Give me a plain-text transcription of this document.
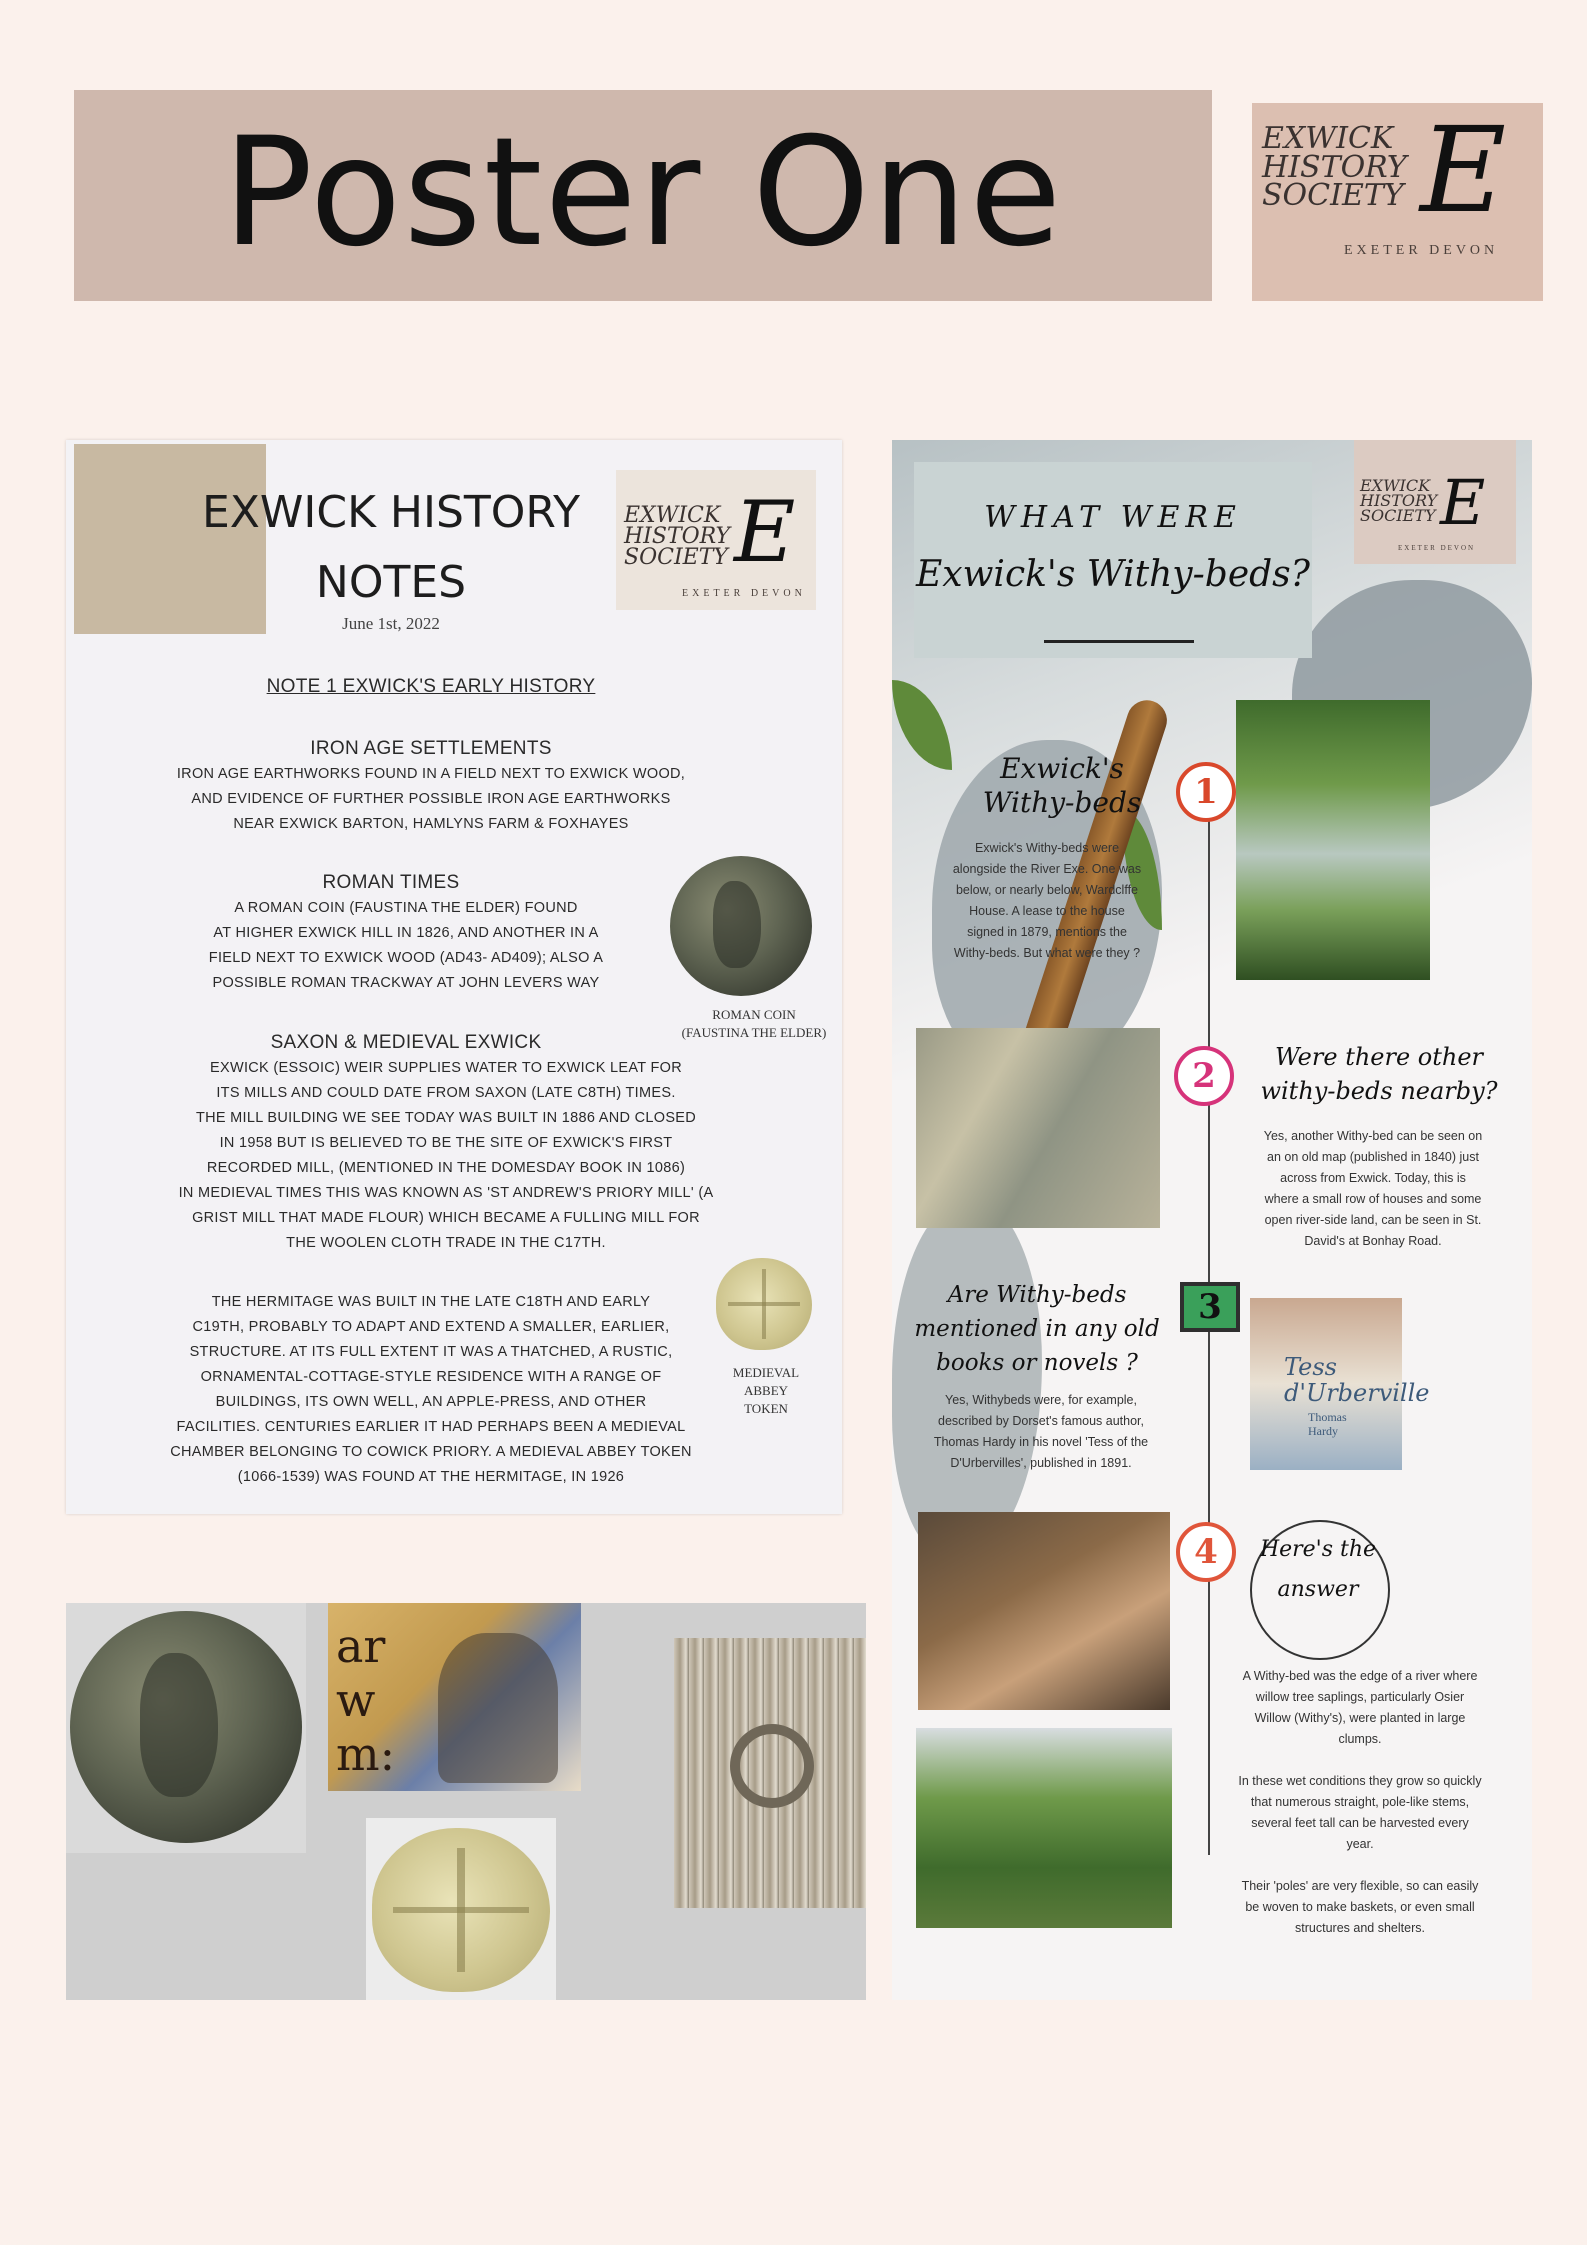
Poster One	EXWICK
HISTORY
SOCIETY E
EXETER DEVON
EXWICK HISTORY
NOTES
June 1st, 2022
EXWICK
HISTORY
SOCIETY E
EXETER DEVON
NOTE 1 EXWICK'S EARLY HISTORY
IRON AGE SETTLEMENTS
IRON AGE EARTHWORKS FOUND IN A FIELD NEXT TO EXWICK WOOD,
AND EVIDENCE OF FURTHER POSSIBLE IRON AGE EARTHWORKS
NEAR EXWICK BARTON, HAMLYNS FARM & FOXHAYES
ROMAN TIMES
A ROMAN COIN (FAUSTINA THE ELDER) FOUND
AT HIGHER EXWICK HILL IN 1826, AND ANOTHER IN A
FIELD NEXT TO EXWICK WOOD (AD43- AD409); ALSO A
POSSIBLE ROMAN TRACKWAY AT JOHN LEVERS WAY
ROMAN COIN
(FAUSTINA THE ELDER)
SAXON & MEDIEVAL EXWICK
EXWICK (ESSOIC) WEIR SUPPLIES WATER TO EXWICK LEAT FOR
ITS MILLS AND COULD DATE FROM SAXON (LATE C8TH) TIMES.
THE MILL BUILDING WE SEE TODAY WAS BUILT IN 1886 AND CLOSED
IN 1958 BUT IS BELIEVED TO BE THE SITE OF EXWICK'S FIRST
RECORDED MILL, (MENTIONED IN THE DOMESDAY BOOK IN 1086)
IN MEDIEVAL TIMES THIS WAS KNOWN AS 'ST ANDREW'S PRIORY MILL' (A
GRIST MILL THAT MADE FLOUR) WHICH BECAME A FULLING MILL FOR
THE WOOLEN CLOTH TRADE IN THE C17TH.
THE HERMITAGE WAS BUILT IN THE LATE C18TH AND EARLY
C19TH, PROBABLY TO ADAPT AND EXTEND A SMALLER, EARLIER,
STRUCTURE. AT ITS FULL EXTENT IT WAS A THATCHED, A RUSTIC,
ORNAMENTAL-COTTAGE-STYLE RESIDENCE WITH A RANGE OF
BUILDINGS, ITS OWN WELL, AN APPLE-PRESS, AND OTHER
FACILITIES. CENTURIES EARLIER IT HAD PERHAPS BEEN A MEDIEVAL
CHAMBER BELONGING TO COWICK PRIORY. A MEDIEVAL ABBEY TOKEN
(1066-1539) WAS FOUND AT THE HERMITAGE, IN 1926
MEDIEVAL
ABBEY
TOKEN
ar
w
m:
WHAT WERE
Exwick's Withy-beds?
EXWICK
HISTORY
SOCIETY E
EXETER DEVON
1
Exwick's Withy-beds
Exwick's Withy-beds were
alongside the River Exe. One was
below, or nearly below, Wardclffe
House. A lease to the house
signed in 1879, mentions the
Withy-beds. But what were they ?
2	Were there other withy-beds nearby?
Yes, another Withy-bed can be seen on
an on old map (published in 1840) just
across from Exwick. Today, this is
where a small row of houses and some
open river-side land, can be seen in St.
David's at Bonhay Road.
3
Are Withy-beds mentioned in any old books or novels ?
Yes, Withybeds were, for example,
described by Dorset's famous author,
Thomas Hardy in his novel 'Tess of the
D'Urbervilles', published in 1891.
Tess
d'Urberville
Thomas
Hardy
4	Here's the answer
A Withy-bed was the edge of a river where
willow tree saplings, particularly Osier
Willow (Withy's), were planted in large
clumps.
In these wet conditions they grow so quickly
that numerous straight, pole-like stems,
several feet tall can be harvested every
year.
Their 'poles' are very flexible, so can easily
be woven to make baskets, or even small
structures and shelters.
